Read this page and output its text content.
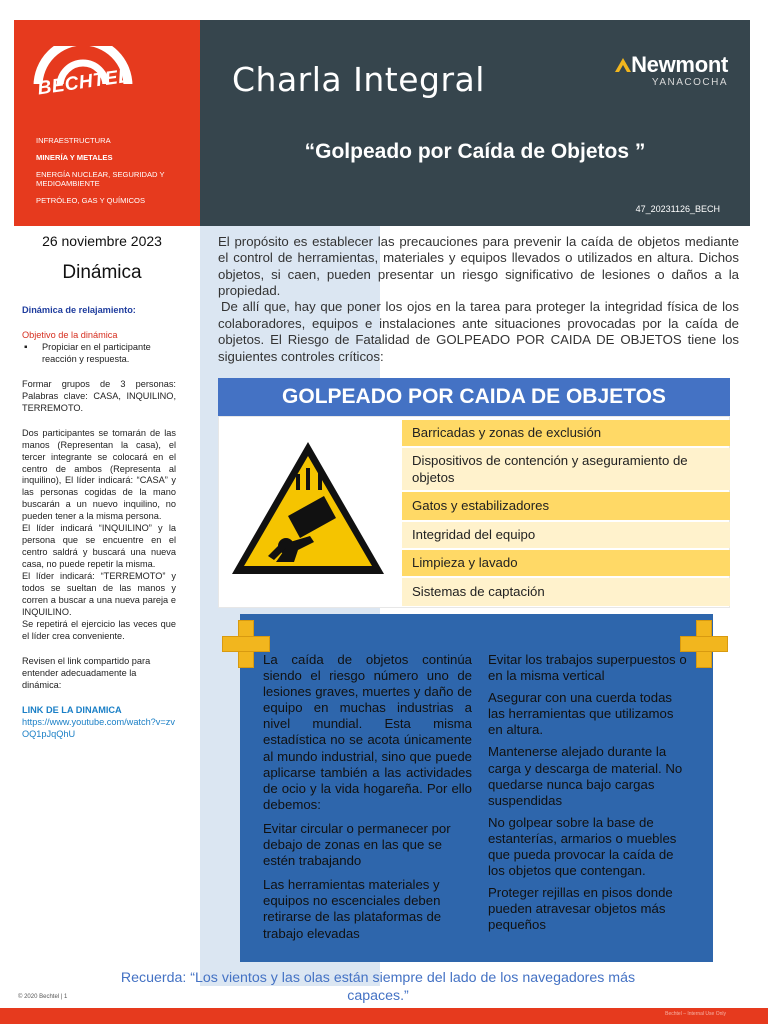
BECHTEL
INFRAESTRUCTURA
MINERÍA Y METALES
ENERGÍA NUCLEAR, SEGURIDAD Y MEDIOAMBIENTE
PETRÓLEO, GAS Y QUÍMICOS
Charla Integral	Newmont
YANACOCHA
“Golpeado por Caída de Objetos ”
47_20231126_BECH
26 noviembre 2023
Dinámica
Dinámica de relajamiento:
Objetivo de la dinámica
▪ Propiciar en el participante reacción y respuesta.
Formar grupos de 3 personas: Palabras clave: CASA, INQUILINO, TERREMOTO.
Dos participantes se tomarán de las manos (Representan la casa), el tercer integrante se colocará en el centro de ambos (Representa al inquilino), El líder indicará: “CASA” y las personas cogidas de la mano buscarán a un nuevo inquilino, no pueden tener a la misma persona.
El líder indicará “INQUILINO” y la persona que se encuentre en el centro saldrá y buscará una nueva casa, no puede repetir la misma.
El líder indicará: “TERREMOTO” y todos se sueltan de las manos y corren a buscar a una nueva pareja e INQUILINO.
Se repetirá el ejercicio las veces que el líder crea conveniente.
Revisen el link compartido para entender adecuadamente la dinámica:
LINK DE LA DINAMICA
https://www.youtube.com/watch?v=zvOQ1pJqQhU
El propósito es establecer las precauciones para prevenir la caída de objetos mediante el control de herramientas, materiales y equipos llevados o utilizados en altura. Dichos objetos, si caen, pueden presentar un riesgo significativo de lesiones o daños a la propiedad.
De allí que, hay que poner los ojos en la tarea para proteger la integridad física de los colaboradores, equipos e instalaciones ante situaciones provocadas por la caída de objetos. El Riesgo de Fatalidad de GOLPEADO POR CAIDA DE OBJETOS tiene los siguientes controles críticos:
GOLPEADO POR CAIDA DE OBJETOS
Barricadas y zonas de exclusión
Dispositivos de contención y aseguramiento de objetos
Gatos y estabilizadores
Integridad del equipo
Limpieza y lavado
Sistemas de captación

La caída de objetos continúa siendo el riesgo número uno de lesiones graves, muertes y daño de equipo en muchas industrias a nivel mundial. Esta misma estadística no se acota únicamente al mundo industrial, sino que puede aplicarse también a las actividades de ocio y la vida hogareña. Por ello debemos:

Evitar circular o permanecer por debajo de zonas en las que se estén trabajando

Las herramientas materiales y equipos no escenciales deben retirarse de las plataformas de trabajo elevadas

Evitar los trabajos superpuestos o en la misma vertical

Asegurar con una cuerda todas las herramientas que utilizamos en altura.

Mantenerse alejado durante la carga y descarga de material. No quedarse nunca bajo cargas suspendidas

No golpear sobre la base de estanterías, armarios o muebles que pueda provocar la caída de los objetos que contengan.

Proteger rejillas en pisos donde pueden atravesar objetos más pequeños

Recuerda: “Los vientos y las olas están siempre del lado de los navegadores más capaces.”
© 2020 Bechtel | 1
Bechtel – Internal Use Only
